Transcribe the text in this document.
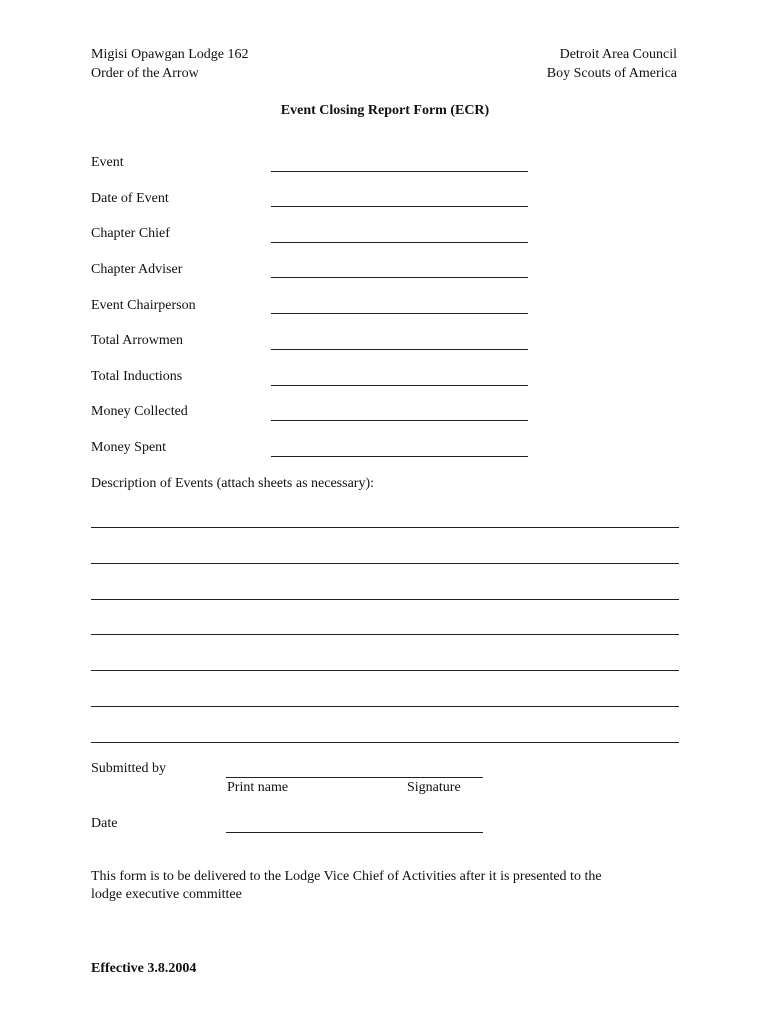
Migisi Opawgan Lodge 162
Order of the Arrow
Detroit Area Council
Boy Scouts of America
Event Closing Report Form (ECR)
Event
Date of Event
Chapter Chief
Chapter Adviser
Event Chairperson
Total Arrowmen
Total Inductions
Money Collected
Money Spent
Description of Events (attach sheets as necessary):
Submitted by
Print name	Signature
Date
This form is to be delivered to the Lodge Vice Chief of Activities after it is presented to the
lodge executive committee
Effective 3.8.2004
